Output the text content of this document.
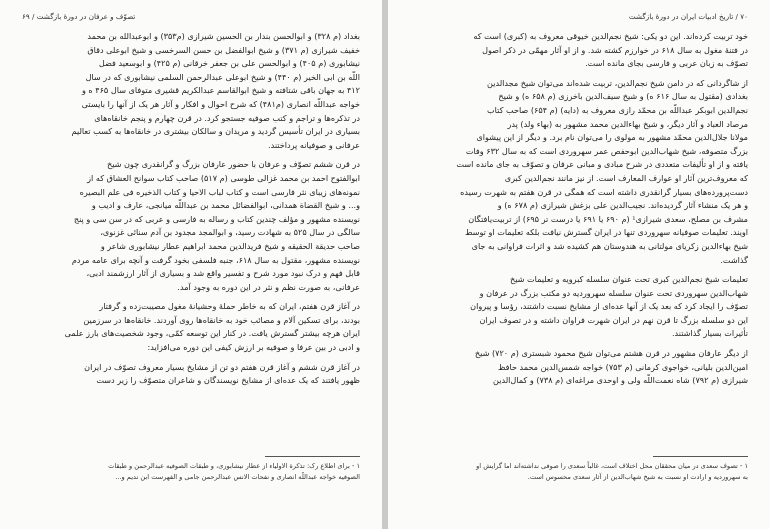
تصوّف و عرفان در دورهٔ بازگشت / ۶۹
بغداد (م ۳۲۸) و ابوالحسن بندار بن الحسین شیرازی (م۳۵۳) و ابوعبدالله بن محمد
خفیف شیرازی (م ۳۷۱) و شیخ ابوالفضل بن حسن السرخسی و شیخ ابوعلی دقاق
نیشابوری (م ۴۰۵) و ابوالحسن علی بن جعفر خرقانی (م ۴۲۵) و ابوسعید فضل
اللّه بن ابی الخیر (م ۴۴۰) و شیخ ابوعلی عبدالرحمن السلمی نیشابوری که در سال
۴۱۲ به جهان باقی شتافته و شیخ ابوالقاسم عبدالکریم قشیری متوفای سال ۴۶۵ ه و
خواجه عبداللّه انصاری (م۴۸۱) که شرح احوال و افکار و آثار هر یک از آنها را بایستی
در تذکره‌ها و تراجم و کتب صوفیه جستجو کرد. در قرن چهارم و پنجم خانقاه‌های
بسیاری در ایران تأسیس گردید و مریدان و سالکان بیشتری در خانقاه‌ها به کسب تعالیم
عرفانی و صوفیانه پرداختند.
در قرن ششم تصوّف و عرفان با حضور عارفان بزرگ و گرانقدری چون شیخ
ابوالفتوح احمد بن محمد غزالی طوسی (م ۵۱۷) صاحب کتاب سوانح العشاق که از
نمونه‌های زیبای نثر فارسی است و کتاب لباب الاحیا و کتاب الذخیره فی علم البصیره
و... و شیخ القضاة همدانی، ابوالفضائل محمد بن عبداللّه میانجی، عارف و ادیب و
نویسنده مشهور و مؤلف چندین کتاب و رساله به فارسی و عربی که در سن سی و پنج
سالگی در سال ۵۲۵ به شهادت رسید، و ابوالمجد مجدود بن آدم سنائی غزنوی،
صاحب حدیقة الحقیقه و شیخ فریدالدین محمد ابراهیم عطار نیشابوری شاعر و
نویسنده مشهور، مقتول به سال ۶۱۸، جنبه فلسفی بخود گرفت و آنچه برای عامه مردم
قابل فهم و درک نبود مورد شرح و تفسیر واقع شد و بسیاری از آثار ارزشمند ادبی،
عرفانی، به صورت نظم و نثر در این دوره به وجود آمد.
در آغاز قرن هفتم، ایران که به خاطر حملهٔ وحشیانهٔ مغول مصیبت‌زده و گرفتار
بودند، برای تسکین آلام و مصائب خود به خانقاه‌ها روی آوردند. خانقاه‌ها در سرزمین
ایران هرچه بیشتر گسترش یافت. در کنار این توسعه کمّی، وجود شخصیت‌های بارز علمی
و ادبی در بین عرفا و صوفیه بر ارزش کیفی این دوره می‌افزاید:
در آغاز قرن ششم و آغاز قرن هفتم دو تن از مشایخ بسیار معروف تصوّف در ایران
ظهور یافتند که یک عده‌ای از مشایخ نویسندگان و شاعران متصوّف را زیر دست
۱ - برای اطلاع رک: تذکرة الاولیاء از عطار نیشابوری، و طبقات الصوفیه عبدالرحمن و طبقات
الصوفیه خواجه عبداللّه انصاری و نفحات الانس عبدالرحمن جامی و الفهرست ابن ندیم و...
۷۰ / تاریخ ادبیات ایران در دورهٔ بازگشت
خود تربیت کرده‌اند. این دو یکی: شیخ نجم‌الدین خیوقی معروف به (کبری) است که
در فتنهٔ مغول به سال ۶۱۸ در خوارزم کشته شد. و از او آثار مهمّی در ذکر اصول
تصوّف به زبان عربی و فارسی بجای مانده است.
از شاگردانی که در دامن شیخ نجم‌الدین، تربیت شده‌اند می‌توان شیخ مجدالدین
بغدادی (مقتول به سال ۶۱۶ ه) و شیخ سیف‌الدین باخرزی (م ۶۵۸ ه) و شیخ
نجم‌الدین ابوبکر عبداللّه بن محمّد رازی معروف به (دایه) (م ۶۵۴) صاحب کتاب
مرصاد العباد و آثار دیگر، و شیخ بهاءالدین محمد مشهور به (بهاء ولد) پدر
مولانا جلال‌الدین محمّد مشهور به مولوی را می‌توان نام برد. و دیگر از این پیشوای
بزرگ متصوفه، شیخ شهاب‌الدین ابوحفص عمر سهروردی است که به سال ۶۳۲ وفات
یافته و از او تألیفات متعددی در شرح مبادی و مبانی عرفان و تصوّف به جای مانده است
که معروف‌ترین آثار او عوارف المعارف است. از نیز مانند نجم‌الدین کبری
دست‌پرورده‌های بسیار گرانقدری داشته است که همگی در قرن هفتم به شهرت رسیده
و هر یک منشاء آثار گردیده‌اند. نجیب‌الدین علی بزغش شیرازی (م ۶۷۸ ه) و
مشرف بن مصلح، سعدی شیرازی¹ (م ۶۹۰ یا ۶۹۱ یا درست تر ۶۹۵) از تربیت‌یافتگان
اویند. تعلیمات صوفیانه سهروردی تنها در ایران گسترش نیافت بلکه تعلیمات او توسط
شیخ بهاءالدین زکریای مولتانی به هندوستان هم کشیده شد و اثرات فراوانی به جای
گذاشت.
تعلیمات شیخ نجم‌الدین کبری تحت عنوان سلسله کبرویه و تعلیمات شیخ
شهاب‌الدین سهروردی تحت عنوان سلسله سهروردیه دو مکتب بزرگ در عرفان و
تصوّف را ایجاد کرد که بعد یک از آنها عده‌ای از مشایخ نسبت داشتند، رؤسا و پیروان
این دو سلسله بزرگ تا قرن نهم در ایران شهرت فراوان داشته و در تصوف ایران
تأثیرات بسیار گذاشتند.
از دیگر عارفان مشهور در قرن هشتم می‌توان شیخ محمود شبستری (م ۷۲۰) شیخ
امین‌الدین بلیانی، خواجوی کرمانی (م ۷۵۳) خواجه شمس‌الدین محمد حافظ
شیرازی (م ۷۹۲) شاه نعمت‌اللّه ولی و اوحدی مراغه‌ای (م ۷۳۸) و کمال‌الدین
۱ - تصوف سعدی در میان محققان محل اختلاف است، غالباً سعدی را صوفی نداشته‌اند اما گرایش او
به سهروردیه و ارادت او نسبت به شیخ شهاب‌الدین از آثار سعدی محسوس است.
